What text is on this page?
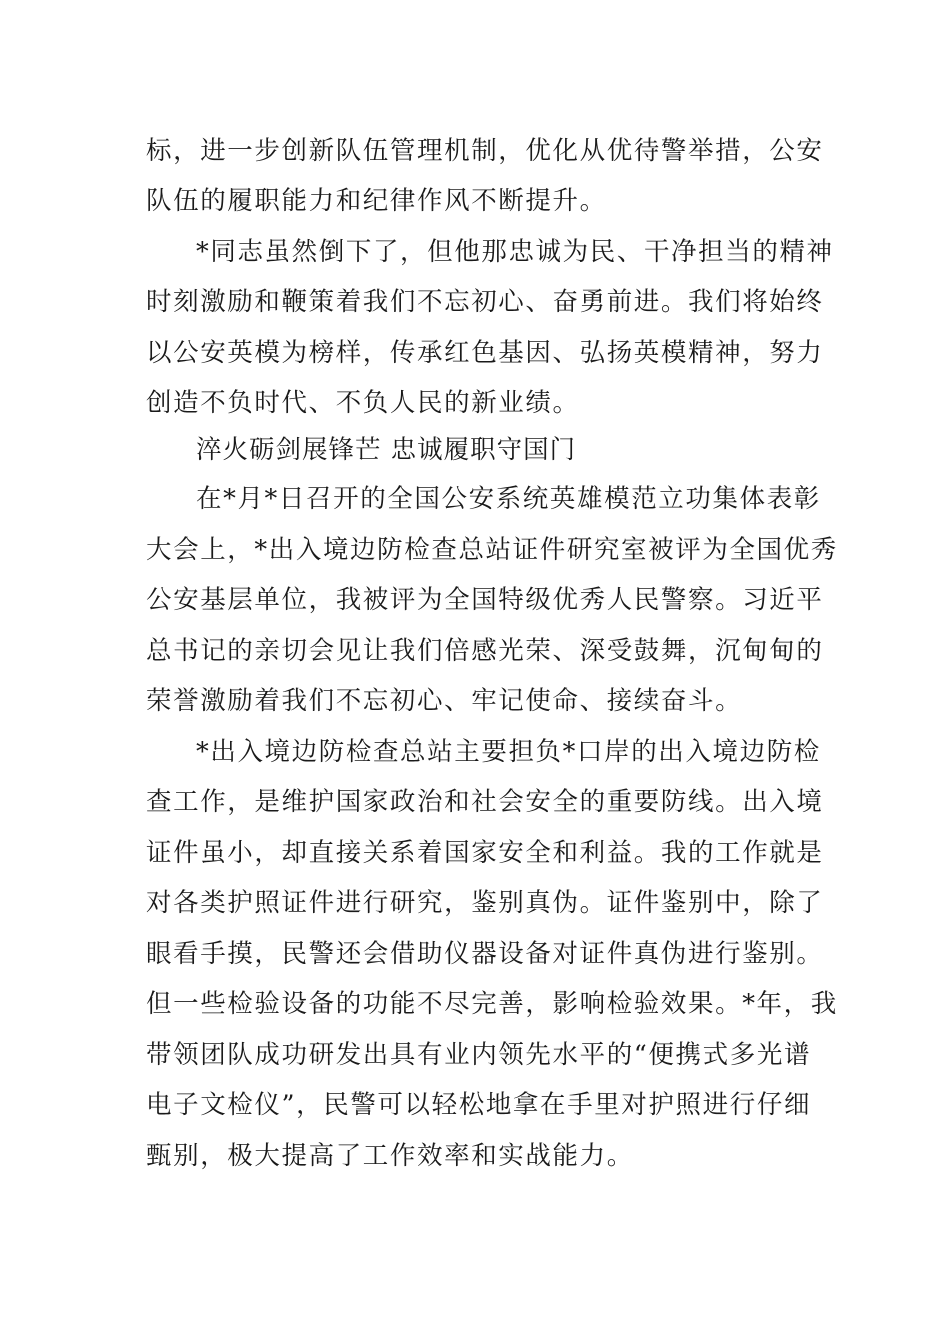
标，进一步创新队伍管理机制，优化从优待警举措，公安
队伍的履职能力和纪律作风不断提升。
*同志虽然倒下了，但他那忠诚为民、干净担当的精神
时刻激励和鞭策着我们不忘初心、奋勇前进。我们将始终
以公安英模为榜样，传承红色基因、弘扬英模精神，努力
创造不负时代、不负人民的新业绩。
淬火砺剑展锋芒 忠诚履职守国门
在*月*日召开的全国公安系统英雄模范立功集体表彰
大会上，*出入境边防检查总站证件研究室被评为全国优秀
公安基层单位，我被评为全国特级优秀人民警察。习近平
总书记的亲切会见让我们倍感光荣、深受鼓舞，沉甸甸的
荣誉激励着我们不忘初心、牢记使命、接续奋斗。
*出入境边防检查总站主要担负*口岸的出入境边防检
查工作，是维护国家政治和社会安全的重要防线。出入境
证件虽小，却直接关系着国家安全和利益。我的工作就是
对各类护照证件进行研究，鉴别真伪。证件鉴别中，除了
眼看手摸，民警还会借助仪器设备对证件真伪进行鉴别。
但一些检验设备的功能不尽完善，影响检验效果。*年，我
带领团队成功研发出具有业内领先水平的“便携式多光谱
电子文检仪”，民警可以轻松地拿在手里对护照进行仔细
甄别，极大提高了工作效率和实战能力。
